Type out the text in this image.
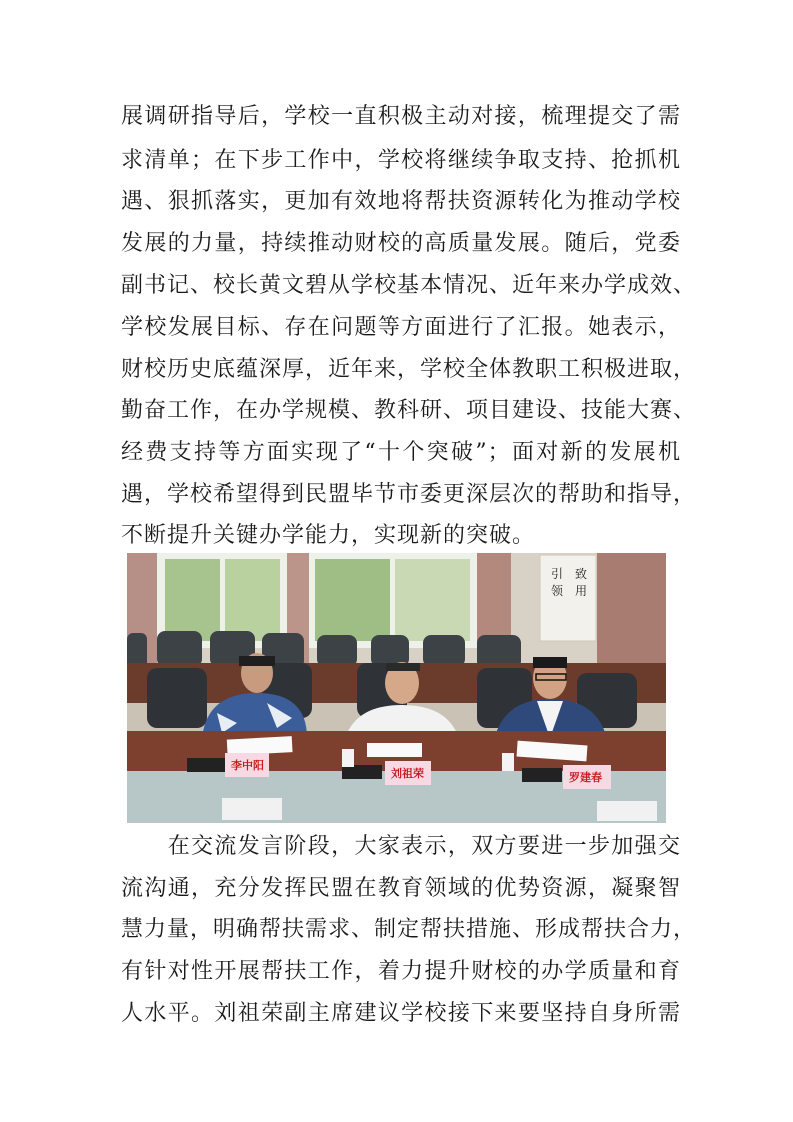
展调研指导后，学校一直积极主动对接，梳理提交了需
求清单；在下步工作中，学校将继续争取支持、抢抓机
遇、狠抓落实，更加有效地将帮扶资源转化为推动学校
发展的力量，持续推动财校的高质量发展。随后，党委
副书记、校长黄文碧从学校基本情况、近年来办学成效、
学校发展目标、存在问题等方面进行了汇报。她表示，
财校历史底蕴深厚，近年来，学校全体教职工积极进取，
勤奋工作，在办学规模、教科研、项目建设、技能大赛、
经费支持等方面实现了“十个突破”；面对新的发展机
遇，学校希望得到民盟毕节市委更深层次的帮助和指导，
不断提升关键办学能力，实现新的突破。
引
领
致
用
李中阳
刘祖荣	罗建春
　　在交流发言阶段，大家表示，双方要进一步加强交
流沟通，充分发挥民盟在教育领域的优势资源，凝聚智
慧力量，明确帮扶需求、制定帮扶措施、形成帮扶合力，
有针对性开展帮扶工作，着力提升财校的办学质量和育
人水平。刘祖荣副主席建议学校接下来要坚持自身所需
